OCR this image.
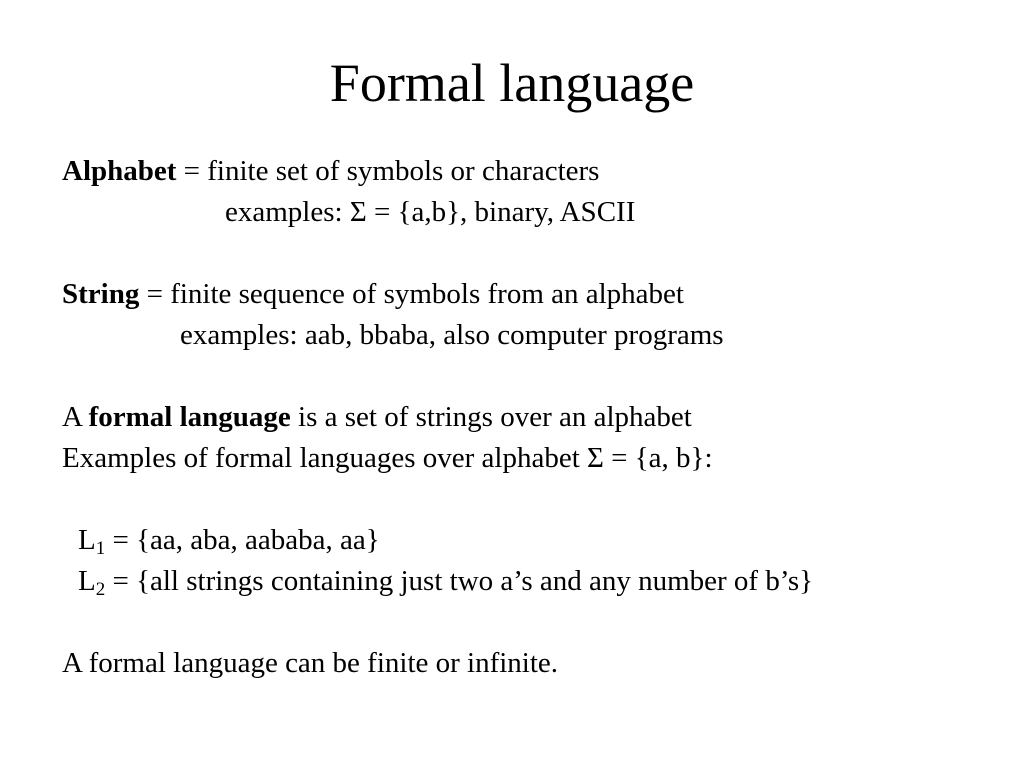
Formal language
Alphabet = finite set of symbols or characters
examples: Σ = {a,b}, binary, ASCII
String = finite sequence of symbols from an alphabet
examples: aab, bbaba, also computer programs
A formal language is a set of strings over an alphabet
Examples of formal languages over alphabet Σ = {a, b}:
$L_1 = \{aa$, aba, aababa, aa}
$L_2 = \{all$ strings containing just two a’s and any number of b’s}
A formal language can be finite or infinite.
